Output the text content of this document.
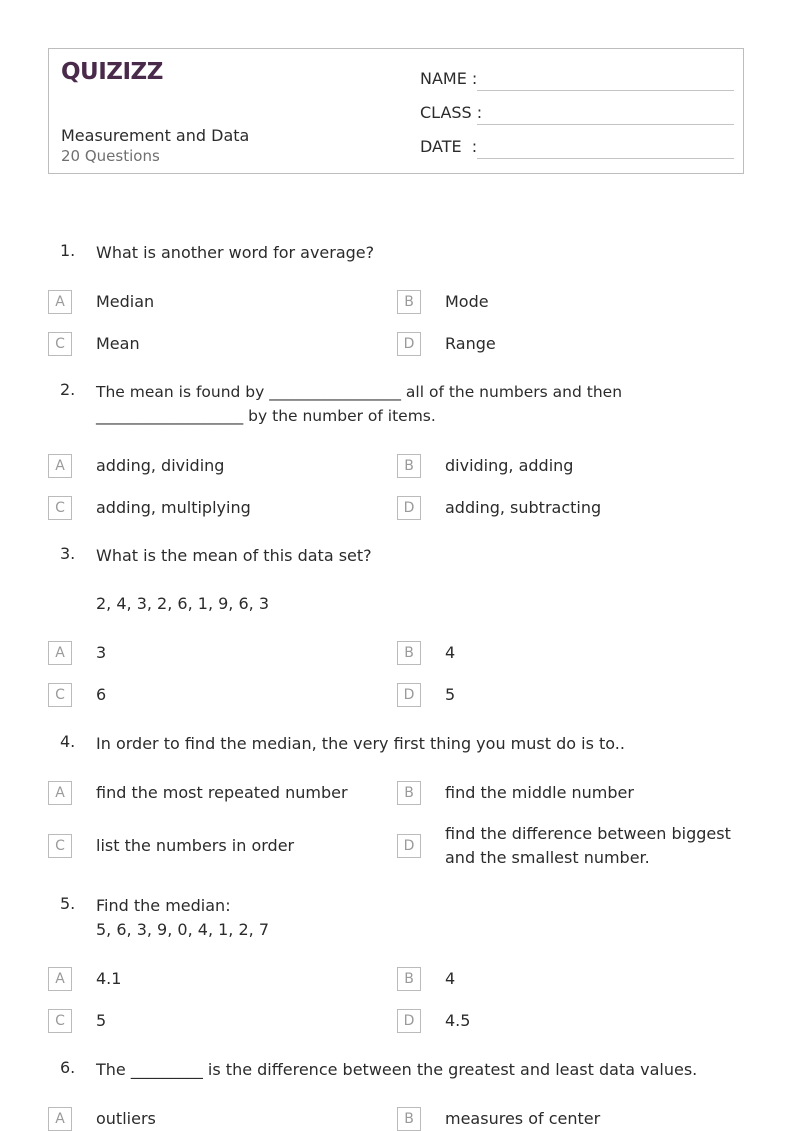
QUIZIZZ
Measurement and Data
20 Questions
NAME :
CLASS :
DATE  :
1. What is another word for average?
A	Median	B	Mode
C	Mean	D	Range
2. The mean is found by _________________ all of the numbers and then ___________________ by the number of items.
A	adding, dividing	B	dividing, adding
C	adding, multiplying	D	adding, subtracting
3. What is the mean of this data set?
2, 4, 3, 2, 6, 1, 9, 6, 3
A	3	B	4
C	6	D	5
4. In order to find the median, the very first thing you must do is to..
A	find the most repeated number	B	find the middle number
C	list the numbers in order	D
find the difference between biggest and the smallest number.
5. Find the median:
5, 6, 3, 9, 0, 4, 1, 2, 7
A	4.1	B	4
C	5	D	4.5
6. The _________ is the difference between the greatest and least data values.
A	outliers	B	measures of center
